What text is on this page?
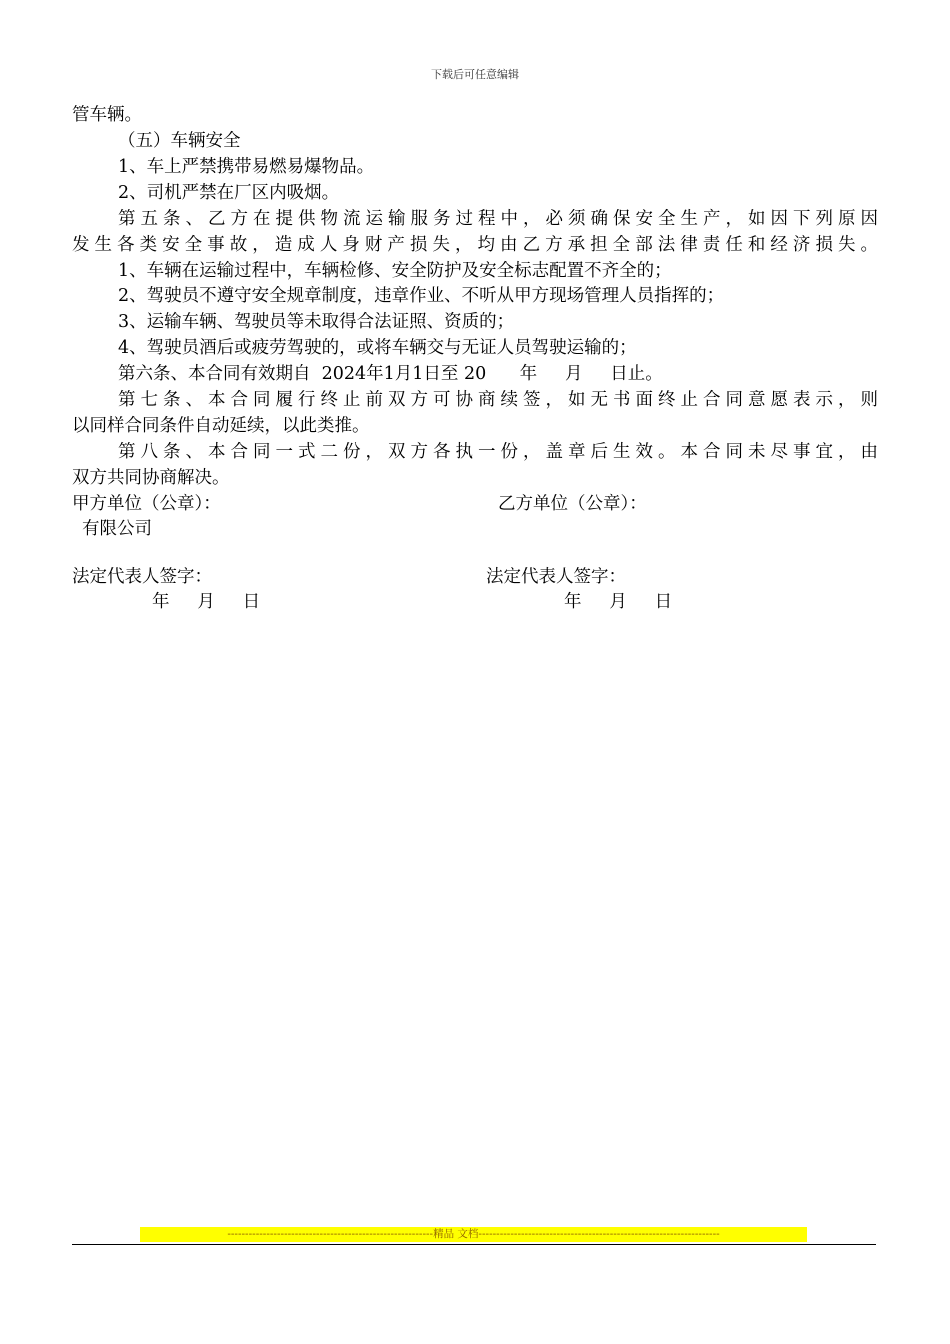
下载后可任意编辑
管车辆。
（五）车辆安全
1、车上严禁携带易燃易爆物品。
2、司机严禁在厂区内吸烟。
第五条、乙方在提供物流运输服务过程中，必须确保安全生产，如因下列原因
发生各类安全事故，造成人身财产损失，均由乙方承担全部法律责任和经济损失。
1、车辆在运输过程中，车辆检修、安全防护及安全标志配置不齐全的；
2、驾驶员不遵守安全规章制度，违章作业、不听从甲方现场管理人员指挥的；
3、运输车辆、驾驶员等未取得合法证照、资质的；
4、驾驶员酒后或疲劳驾驶的，或将车辆交与无证人员驾驶运输的；
第六条、本合同有效期自  2024年1月1日至 20      年     月     日止。
第七条、本合同履行终止前双方可协商续签，如无书面终止合同意愿表示，则
以同样合同条件自动延续，以此类推。
第八条、本合同一式二份，双方各执一份，盖章后生效。本合同未尽事宜，由
双方共同协商解决。
甲方单位（公章）：	乙方单位（公章）：
有限公司
法定代表人签字：	法定代表人签字：
年     月     日	年     月     日
----------------------------------------------------------精品 文档--------------------------------------------------------------------
